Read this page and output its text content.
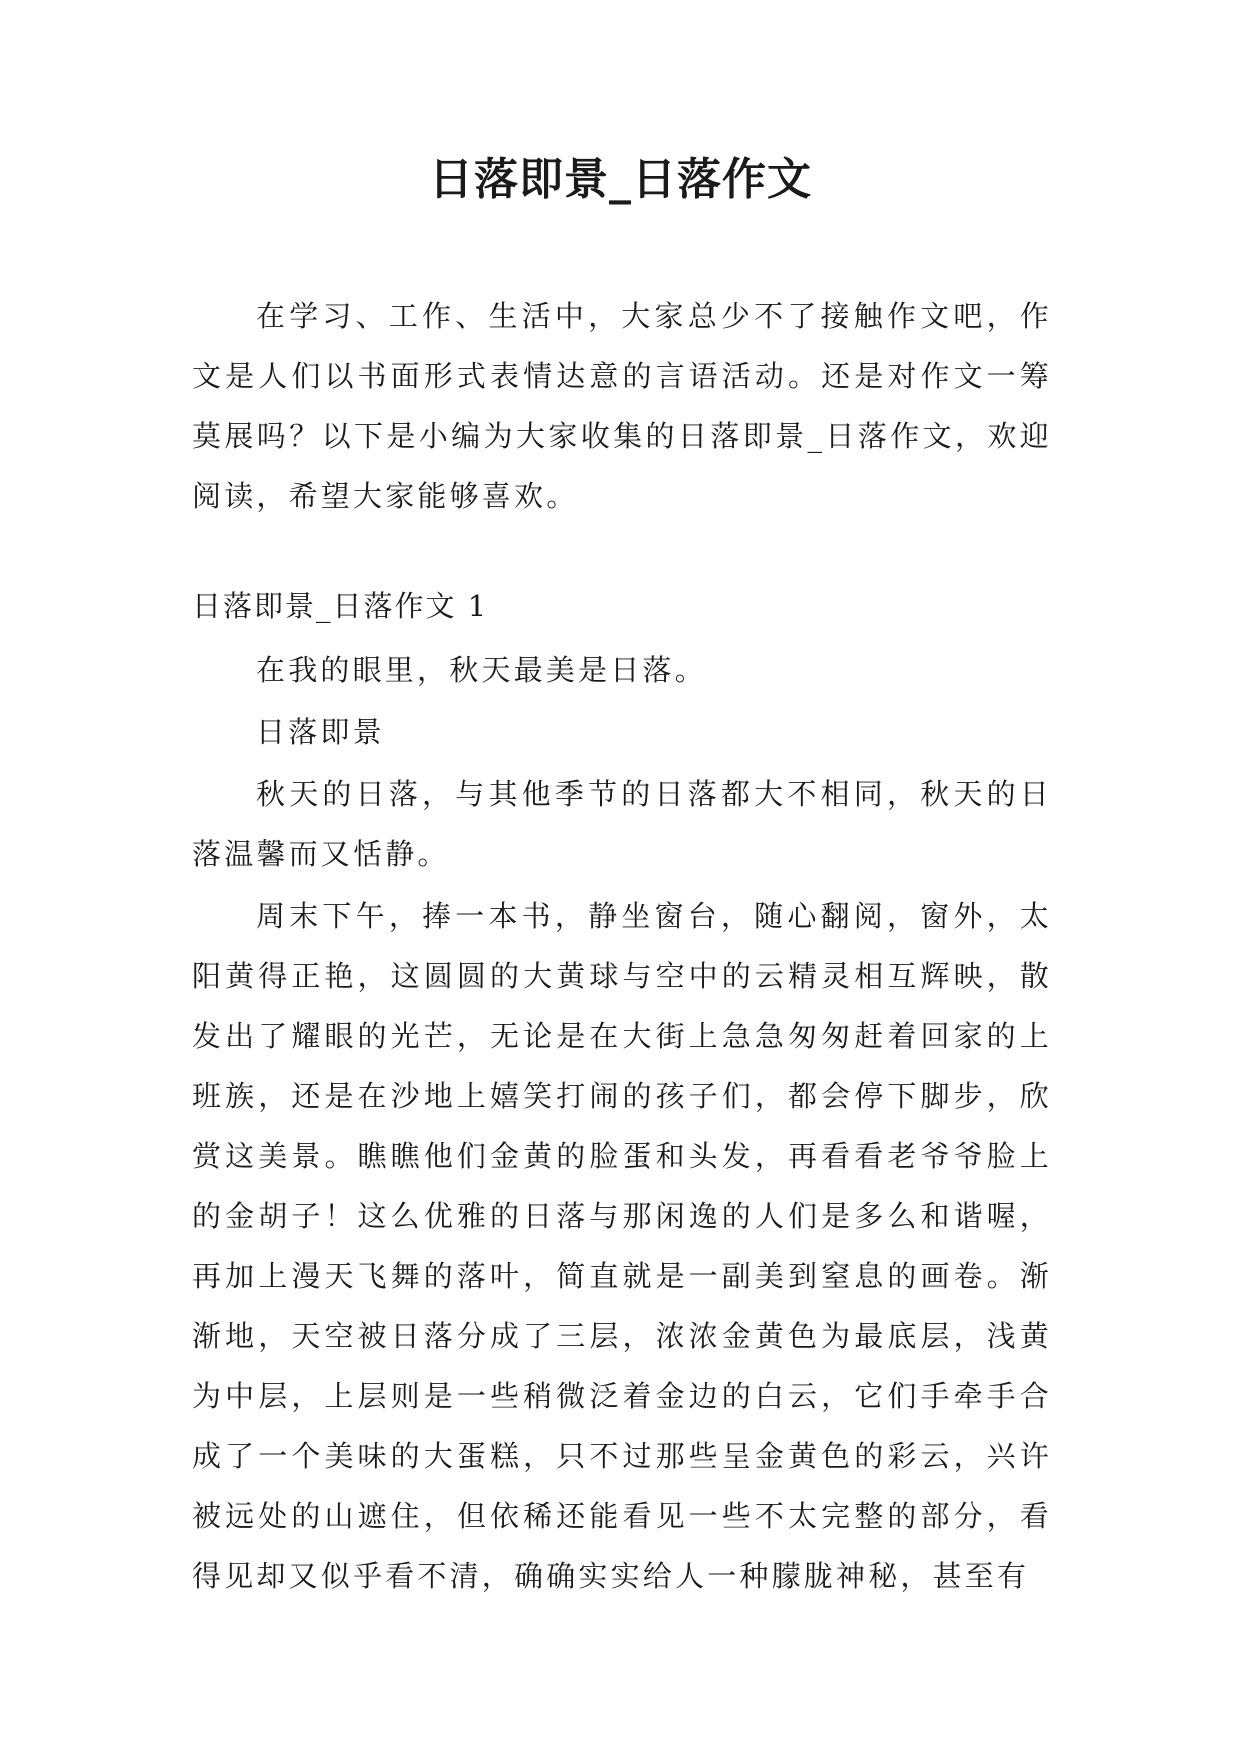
日落即景_日落作文
在学习、工作、生活中，大家总少不了接触作文吧，作文是人们以书面形式表情达意的言语活动。还是对作文一筹莫展吗？以下是小编为大家收集的日落即景_日落作文，欢迎阅读，希望大家能够喜欢。
日落即景_日落作文 1
在我的眼里，秋天最美是日落。
日落即景
秋天的日落，与其他季节的日落都大不相同，秋天的日落温馨而又恬静。
周末下午，捧一本书，静坐窗台，随心翻阅，窗外，太阳黄得正艳，这圆圆的大黄球与空中的云精灵相互辉映，散发出了耀眼的光芒，无论是在大街上急急匆匆赶着回家的上班族，还是在沙地上嬉笑打闹的孩子们，都会停下脚步，欣赏这美景。瞧瞧他们金黄的脸蛋和头发，再看看老爷爷脸上的金胡子！这么优雅的日落与那闲逸的人们是多么和谐喔，再加上漫天飞舞的落叶，简直就是一副美到窒息的画卷。渐渐地，天空被日落分成了三层，浓浓金黄色为最底层，浅黄为中层，上层则是一些稍微泛着金边的白云，它们手牵手合成了一个美味的大蛋糕，只不过那些呈金黄色的彩云，兴许被远处的山遮住，但依稀还能看见一些不太完整的部分，看得见却又似乎看不清，确确实实给人一种朦胧神秘，甚至有
